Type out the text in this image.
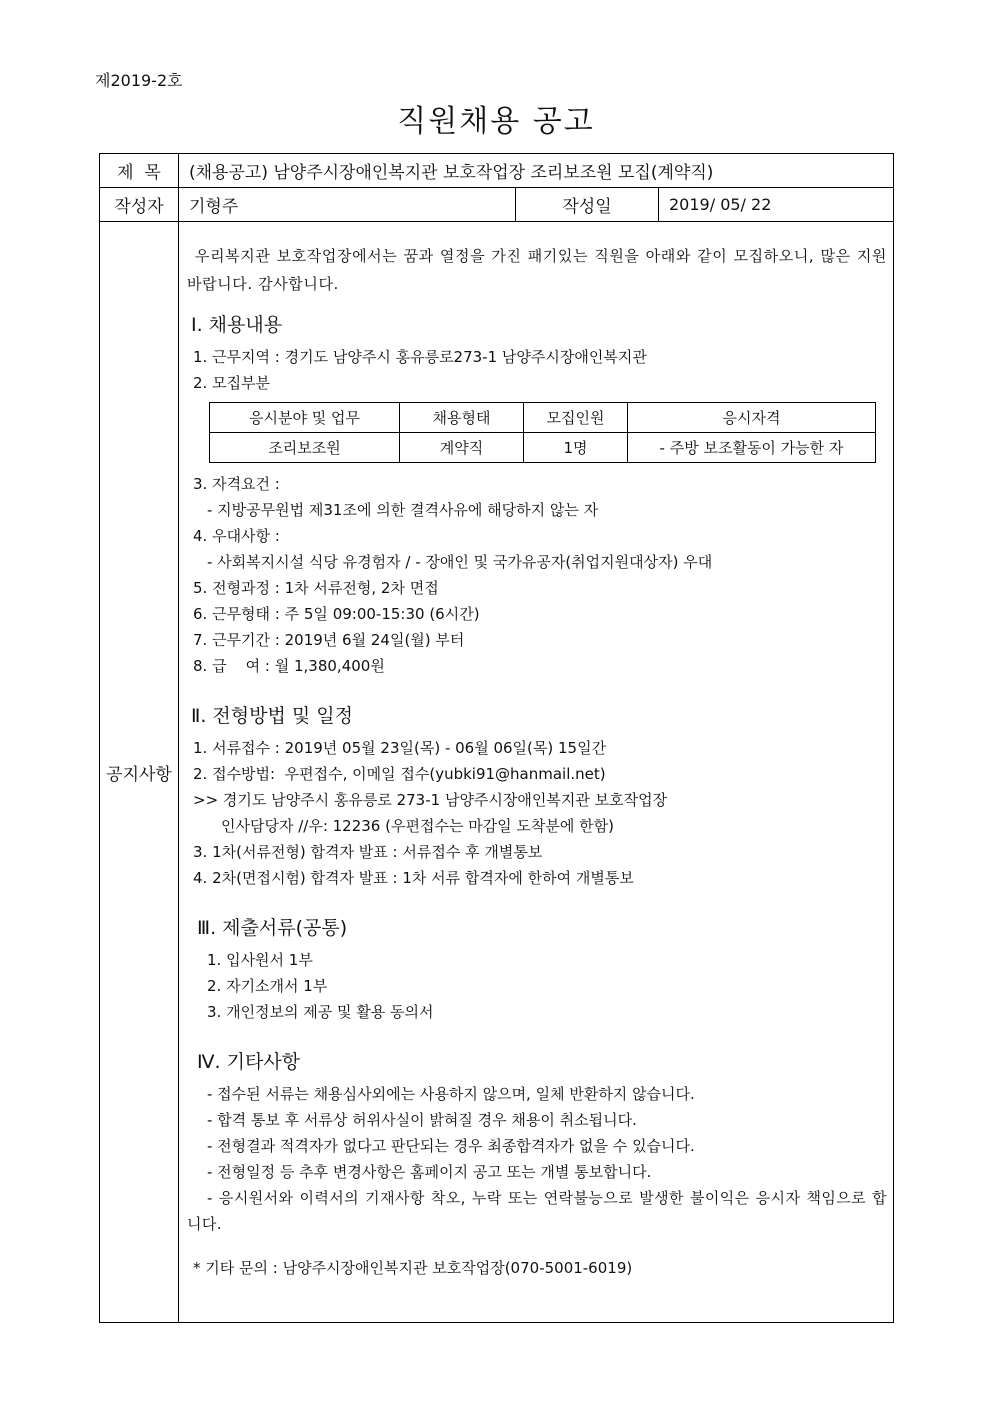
제2019-2호
직원채용 공고
제  목	(채용공고) 남양주시장애인복지관 보호작업장 조리보조원 모집(계약직)
작성자	기형주	작성일	2019/ 05/ 22
공지사항	

우리복지관 보호작업장에서는 꿈과 열정을 가진 패기있는 직원을 아래와 같이 모집하오니, 많은 지원바랍니다. 감사합니다.

Ⅰ. 채용내용

1. 근무지역 : 경기도 남양주시 홍유릉로273-1 남양주시장애인복지관

2. 모집부분

응시분야 및 업무	채용형태	모집인원	응시자격
조리보조원	계약직	1명	- 주방 보조활동이 가능한 자

3. 자격요건 :

- 지방공무원법 제31조에 의한 결격사유에 해당하지 않는 자

4. 우대사항 :

- 사회복지시설 식당 유경험자 / - 장애인 및 국가유공자(취업지원대상자) 우대

5. 전형과정 : 1차 서류전형, 2차 면접

6. 근무형태 : 주 5일 09:00-15:30 (6시간)

7. 근무기간 : 2019년 6월 24일(월) 부터

8. 급    여 : 월 1,380,400원

Ⅱ. 전형방법 및 일정

1. 서류접수 : 2019년 05월 23일(목) - 06월 06일(목) 15일간

2. 접수방법:  우편접수, 이메일 접수(yubki91@hanmail.net)

>> 경기도 남양주시 홍유릉로 273-1 남양주시장애인복지관 보호작업장

인사담당자 //우: 12236 (우편접수는 마감일 도착분에 한함)

3. 1차(서류전형) 합격자 발표 : 서류접수 후 개별통보

4. 2차(면접시험) 합격자 발표 : 1차 서류 합격자에 한하여 개별통보

Ⅲ. 제출서류(공통)

1. 입사원서 1부

2. 자기소개서 1부

3. 개인정보의 제공 및 활용 동의서

Ⅳ. 기타사항

- 접수된 서류는 채용심사외에는 사용하지 않으며, 일체 반환하지 않습니다.

- 합격 통보 후 서류상 허위사실이 밝혀질 경우 채용이 취소됩니다.

- 전형결과 적격자가 없다고 판단되는 경우 최종합격자가 없을 수 있습니다.

- 전형일정 등 추후 변경사항은 홈페이지 공고 또는 개별 통보합니다.

- 응시원서와 이력서의 기재사항 착오, 누락 또는 연락불능으로 발생한 불이익은 응시자 책임으로 합니다.

* 기타 문의 : 남양주시장애인복지관 보호작업장(070-5001-6019)
